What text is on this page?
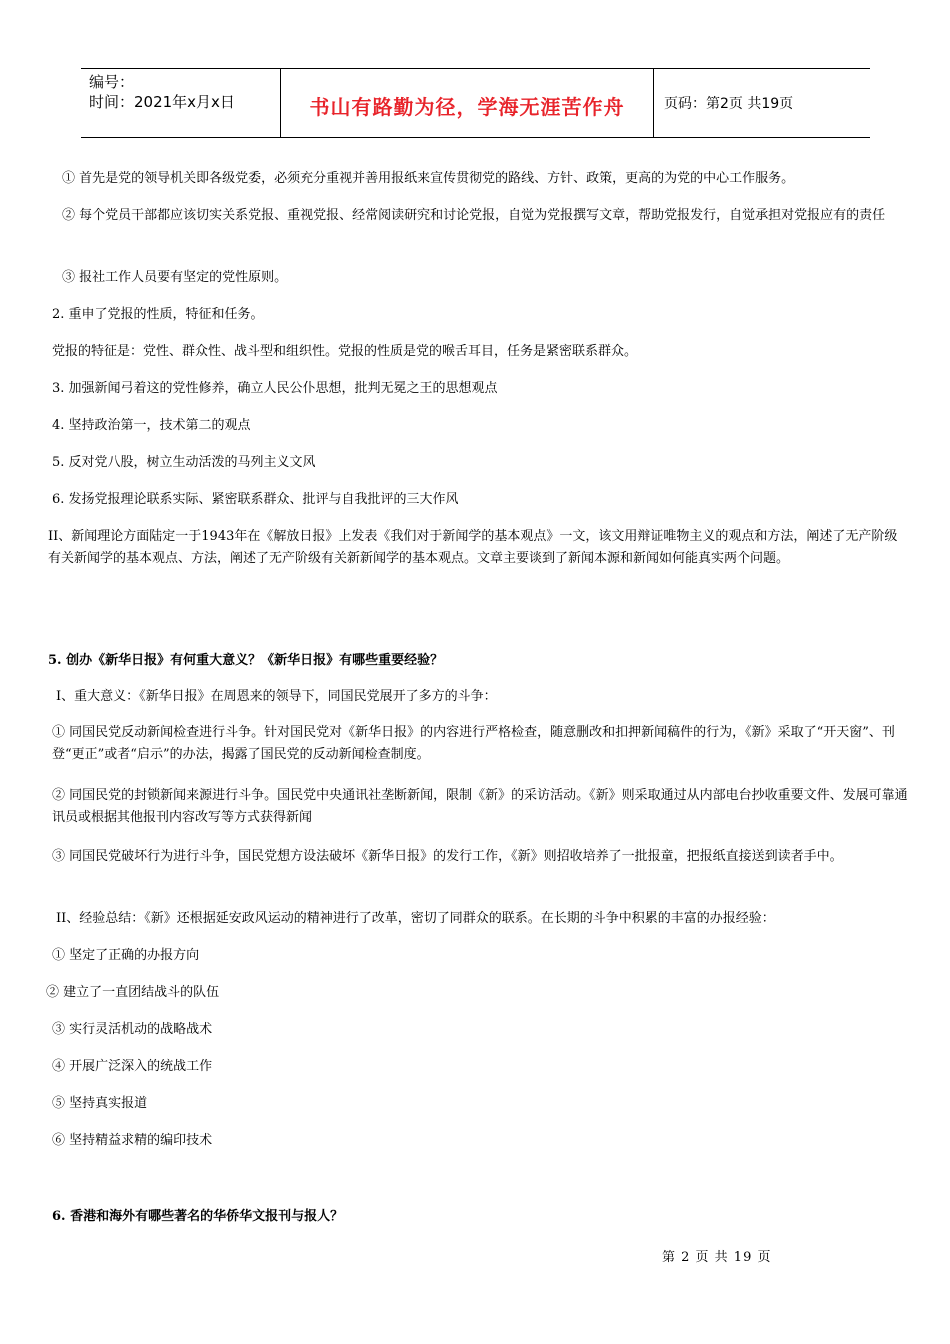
编号：
时间：2021年x月x日	书山有路勤为径，学海无涯苦作舟	页码：第2页 共19页

① 首先是党的领导机关即各级党委，必须充分重视并善用报纸来宣传贯彻党的路线、方针、政策，更高的为党的中心工作服务。

② 每个党员干部都应该切实关系党报、重视党报、经常阅读研究和讨论党报，自觉为党报撰写文章，帮助党报发行，自觉承担对党报应有的责任

③ 报社工作人员要有坚定的党性原则。

2. 重申了党报的性质，特征和任务。

党报的特征是：党性、群众性、战斗型和组织性。党报的性质是党的喉舌耳目，任务是紧密联系群众。

3. 加强新闻弓着这的党性修养，确立人民公仆思想，批判无冕之王的思想观点

4. 坚持政治第一，技术第二的观点

5. 反对党八股，树立生动活泼的马列主义文风

6. 发扬党报理论联系实际、紧密联系群众、批评与自我批评的三大作风

II、新闻理论方面陆定一于1943年在《解放日报》上发表《我们对于新闻学的基本观点》一文，该文用辩证唯物主义的观点和方法，阐述了无产阶级有关新闻学的基本观点、方法，阐述了无产阶级有关新新闻学的基本观点。文章主要谈到了新闻本源和新闻如何能真实两个问题。

5. 创办《新华日报》有何重大意义？《新华日报》有哪些重要经验？

I、重大意义：《新华日报》在周恩来的领导下，同国民党展开了多方的斗争：

① 同国民党反动新闻检查进行斗争。针对国民党对《新华日报》的内容进行严格检查，随意删改和扣押新闻稿件的行为，《新》采取了“开天窗”、刊登“更正”或者“启示”的办法，揭露了国民党的反动新闻检查制度。

② 同国民党的封锁新闻来源进行斗争。国民党中央通讯社垄断新闻，限制《新》的采访活动。《新》则采取通过从内部电台抄收重要文件、发展可靠通讯员或根据其他报刊内容改写等方式获得新闻

③ 同国民党破坏行为进行斗争，国民党想方设法破坏《新华日报》的发行工作，《新》则招收培养了一批报童，把报纸直接送到读者手中。

II、经验总结：《新》还根据延安政风运动的精神进行了改革，密切了同群众的联系。在长期的斗争中积累的丰富的办报经验：

① 坚定了正确的办报方向

② 建立了一直团结战斗的队伍

③ 实行灵活机动的战略战术

④ 开展广泛深入的统战工作

⑤ 坚持真实报道

⑥ 坚持精益求精的编印技术

6. 香港和海外有哪些著名的华侨华文报刊与报人？

第 2 页 共 19 页
